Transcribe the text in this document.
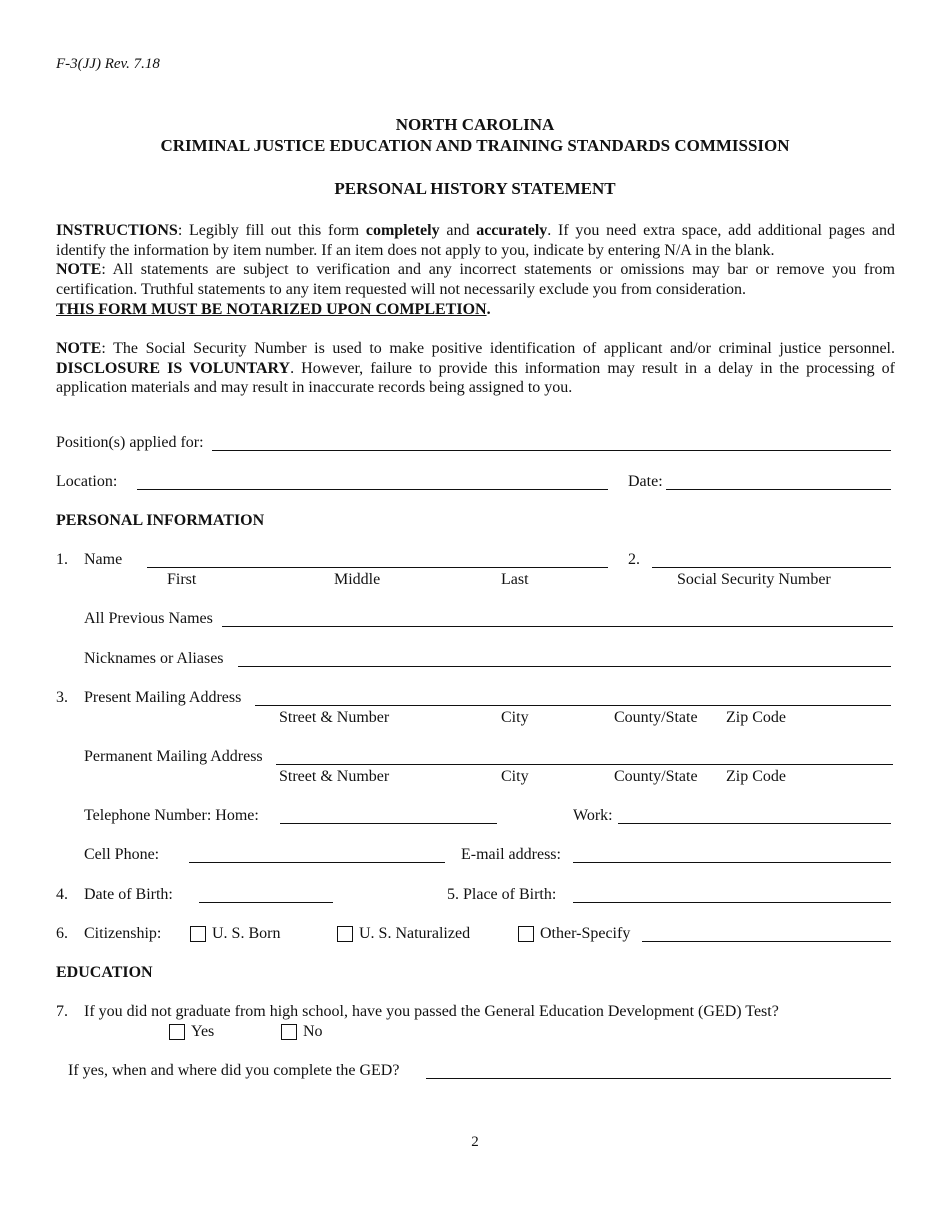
F-3(JJ) Rev. 7.18
NORTH CAROLINA
CRIMINAL JUSTICE EDUCATION AND TRAINING STANDARDS COMMISSION
PERSONAL HISTORY STATEMENT
INSTRUCTIONS: Legibly fill out this form completely and accurately. If you need extra space, add additional pages and identify the information by item number. If an item does not apply to you, indicate by entering N/A in the blank.
NOTE: All statements are subject to verification and any incorrect statements or omissions may bar or remove you from certification. Truthful statements to any item requested will not necessarily exclude you from consideration.
THIS FORM MUST BE NOTARIZED UPON COMPLETION.
NOTE: The Social Security Number is used to make positive identification of applicant and/or criminal justice personnel. DISCLOSURE IS VOLUNTARY. However, failure to provide this information may result in a delay in the processing of application materials and may result in inaccurate records being assigned to you.
Position(s) applied for:
Location:	Date:
PERSONAL INFORMATION
1. Name
First	Middle	Last
2.
Social Security Number
All Previous Names
Nicknames or Aliases
3. Present Mailing Address
Street & Number	City	County/State Zip Code
Permanent Mailing Address
Street & Number	City	County/State Zip Code
Telephone Number: Home:	Work:
Cell Phone:	E-mail address:
4. Date of Birth:	5. Place of Birth:
6. Citizenship:	U. S. Born	U. S. Naturalized	Other-Specify
EDUCATION
7. If you did not graduate from high school, have you passed the General Education Development (GED) Test?
Yes	No
If yes, when and where did you complete the GED?
2
